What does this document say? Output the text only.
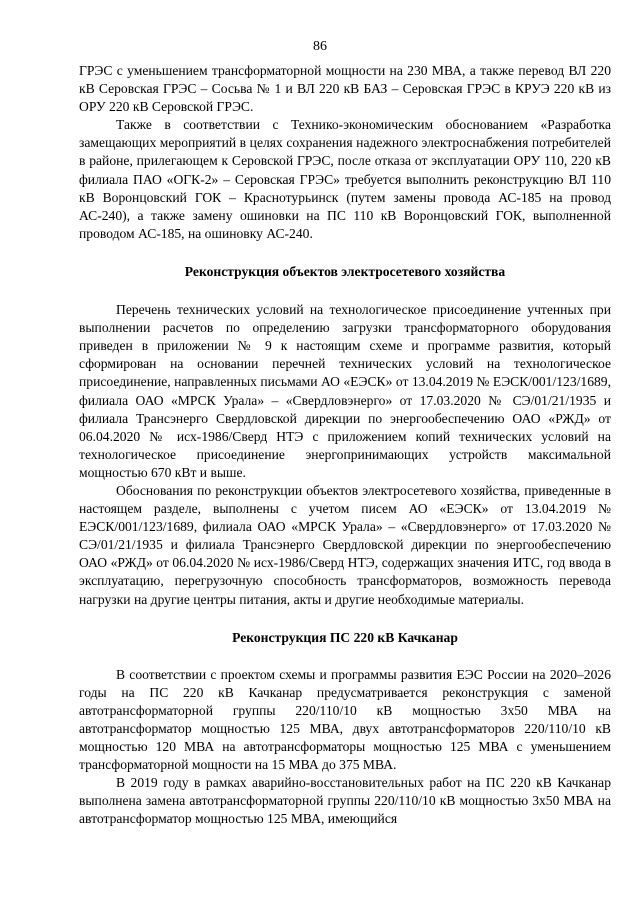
86

ГРЭС с уменьшением трансформаторной мощности на 230 МВА, а также перевод ВЛ 220 кВ Серовская ГРЭС – Сосьва № 1 и ВЛ 220 кВ БАЗ – Серовская ГРЭС в КРУЭ 220 кВ из ОРУ 220 кВ Серовской ГРЭС.

Также в соответствии с Технико-экономическим обоснованием «Разработка замещающих мероприятий в целях сохранения надежного электроснабжения потребителей в районе, прилегающем к Серовской ГРЭС, после отказа от эксплуатации ОРУ 110, 220 кВ филиала ПАО «ОГК-2» – Серовская ГРЭС» требуется выполнить реконструкцию ВЛ 110 кВ Воронцовский ГОК – Краснотурьинск (путем замены провода АС-185 на провод АС-240), а также замену ошиновки на ПС 110 кВ Воронцовский ГОК, выполненной проводом АС-185, на ошиновку АС-240.

Реконструкция объектов электросетевого хозяйства

Перечень технических условий на технологическое присоединение учтенных при выполнении расчетов по определению загрузки трансформаторного оборудования приведен в приложении № 9 к настоящим схеме и программе развития, который сформирован на основании перечней технических условий на технологическое присоединение, направленных письмами АО «ЕЭСК» от 13.04.2019 № ЕЭСК/001/123/1689, филиала ОАО «МРСК Урала» – «Свердловэнерго» от 17.03.2020 № СЭ/01/21/1935 и филиала Трансэнерго Свердловской дирекции по энергообеспечению ОАО «РЖД» от 06.04.2020 № исх-1986/Сверд НТЭ с приложением копий технических условий на технологическое присоединение энергопринимающих устройств максимальной мощностью 670 кВт и выше.

Обоснования по реконструкции объектов электросетевого хозяйства, приведенные в настоящем разделе, выполнены с учетом писем АО «ЕЭСК» от 13.04.2019 № ЕЭСК/001/123/1689, филиала ОАО «МРСК Урала» – «Свердловэнерго» от 17.03.2020 № СЭ/01/21/1935 и филиала Трансэнерго Свердловской дирекции по энергообеспечению ОАО «РЖД» от 06.04.2020 № исх-1986/Сверд НТЭ, содержащих значения ИТС, год ввода в эксплуатацию, перегрузочную способность трансформаторов, возможность перевода нагрузки на другие центры питания, акты и другие необходимые материалы.

Реконструкция ПС 220 кВ Качканар

В соответствии с проектом схемы и программы развития ЕЭС России на 2020–2026 годы на ПС 220 кВ Качканар предусматривается реконструкция с заменой автотрансформаторной группы 220/110/10 кВ мощностью 3х50 МВА на автотрансформатор мощностью 125 МВА, двух автотрансформаторов 220/110/10 кВ мощностью 120 МВА на автотрансформаторы мощностью 125 МВА с уменьшением трансформаторной мощности на 15 МВА до 375 МВА.

В 2019 году в рамках аварийно-восстановительных работ на ПС 220 кВ Качканар выполнена замена автотрансформаторной группы 220/110/10 кВ мощностью 3х50 МВА на автотрансформатор мощностью 125 МВА, имеющийся
